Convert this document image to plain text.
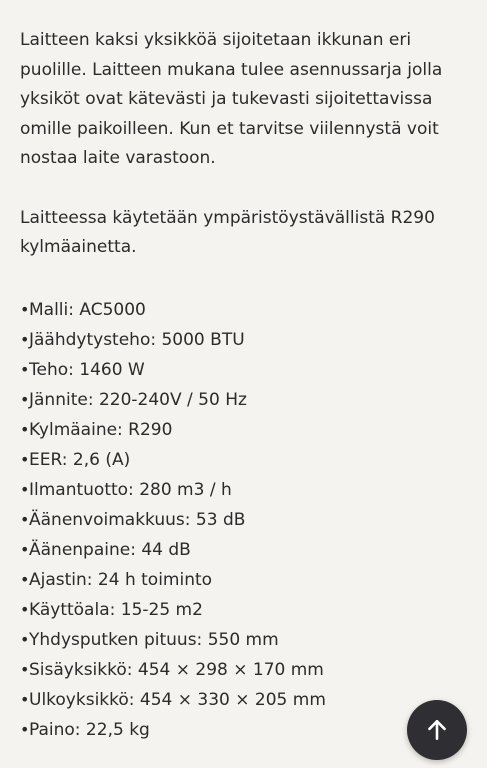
Laitteen kaksi yksikköä sijoitetaan ikkunan eri puolille. Laitteen mukana tulee asennussarja jolla yksiköt ovat kätevästi ja tukevasti sijoitettavissa omille paikoilleen. Kun et tarvitse viilennystä voit nostaa laite varastoon.

Laitteessa käytetään ympäristöystävällistä R290 kylmäainetta.

• Malli: AC5000
• Jäähdytysteho: 5000 BTU
• Teho: 1460 W
• Jännite: 220-240V / 50 Hz
• Kylmäaine: R290
• EER: 2,6 (A)
• Ilmantuotto: 280 m3 / h
• Äänenvoimakkuus: 53 dB
• Äänenpaine: 44 dB
• Ajastin: 24 h toiminto
• Käyttöala: 15-25 m2
• Yhdysputken pituus: 550 mm
• Sisäyksikkö: 454 × 298 × 170 mm
• Ulkoyksikkö: 454 × 330 × 205 mm
• Paino: 22,5 kg
